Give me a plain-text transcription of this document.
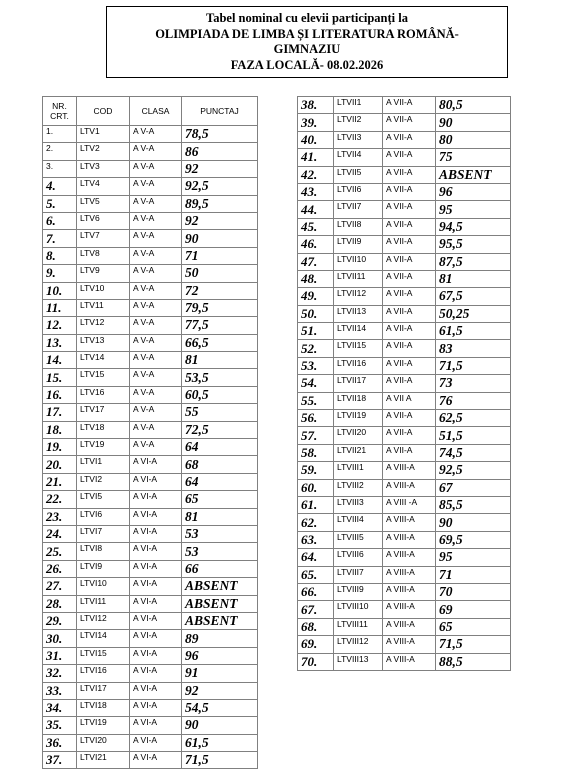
Tabel nominal cu elevii participanți la
OLIMPIADA DE LIMBA ȘI LITERATURA ROMÂNĂ-
GIMNAZIU
FAZA LOCALĂ- 08.02.2026
NR. CRT.	COD	CLASA	PUNCTAJ
1.	LTV1	A V-A	78,5
2.	LTV2	A V-A	86
3.	LTV3	A V-A	92
4.	LTV4	A V-A	92,5
5.	LTV5	A V-A	89,5
6.	LTV6	A V-A	92
7.	LTV7	A V-A	90
8.	LTV8	A V-A	71
9.	LTV9	A V-A	50
10.	LTV10	A V-A	72
11.	LTV11	A V-A	79,5
12.	LTV12	A V-A	77,5
13.	LTV13	A V-A	66,5
14.	LTV14	A V-A	81
15.	LTV15	A V-A	53,5
16.	LTV16	A V-A	60,5
17.	LTV17	A V-A	55
18.	LTV18	A V-A	72,5
19.	LTV19	A V-A	64
20.	LTVI1	A VI-A	68
21.	LTVI2	A VI-A	64
22.	LTVI5	A VI-A	65
23.	LTVI6	A VI-A	81
24.	LTVI7	A VI-A	53
25.	LTVI8	A VI-A	53
26.	LTVI9	A VI-A	66
27.	LTVI10	A VI-A	ABSENT
28.	LTVI11	A VI-A	ABSENT
29.	LTVI12	A VI-A	ABSENT
30.	LTVI14	A VI-A	89
31.	LTVI15	A VI-A	96
32.	LTVI16	A VI-A	91
33.	LTVI17	A VI-A	92
34.	LTVI18	A VI-A	54,5
35.	LTVI19	A VI-A	90
36.	LTVI20	A VI-A	61,5
37.	LTVI21	A VI-A	71,5
38.	LTVII1	A VII-A	80,5
39.	LTVII2	A VII-A	90
40.	LTVII3	A VII-A	80
41.	LTVII4	A VII-A	75
42.	LTVII5	A VII-A	ABSENT
43.	LTVII6	A VII-A	96
44.	LTVII7	A VII-A	95
45.	LTVII8	A VII-A	94,5
46.	LTVII9	A VII-A	95,5
47.	LTVII10	A VII-A	87,5
48.	LTVII11	A VII-A	81
49.	LTVII12	A VII-A	67,5
50.	LTVII13	A VII-A	50,25
51.	LTVII14	A VII-A	61,5
52.	LTVII15	A VII-A	83
53.	LTVII16	A VII-A	71,5
54.	LTVII17	A VII-A	73
55.	LTVII18	A VII A	76
56.	LTVII19	A VII-A	62,5
57.	LTVII20	A VII-A	51,5
58.	LTVII21	A VII-A	74,5
59.	LTVIII1	A VIII-A	92,5
60.	LTVIII2	A VIII-A	67
61.	LTVIII3	A VIII -A	85,5
62.	LTVIII4	A VIII-A	90
63.	LTVIII5	A VIII-A	69,5
64.	LTVIII6	A VIII-A	95
65.	LTVIII7	A VIII-A	71
66.	LTVIII9	A VIII-A	70
67.	LTVIII10	A VIII-A	69
68.	LTVIII11	A VIII-A	65
69.	LTVIII12	A VIII-A	71,5
70.	LTVIII13	A VIII-A	88,5
